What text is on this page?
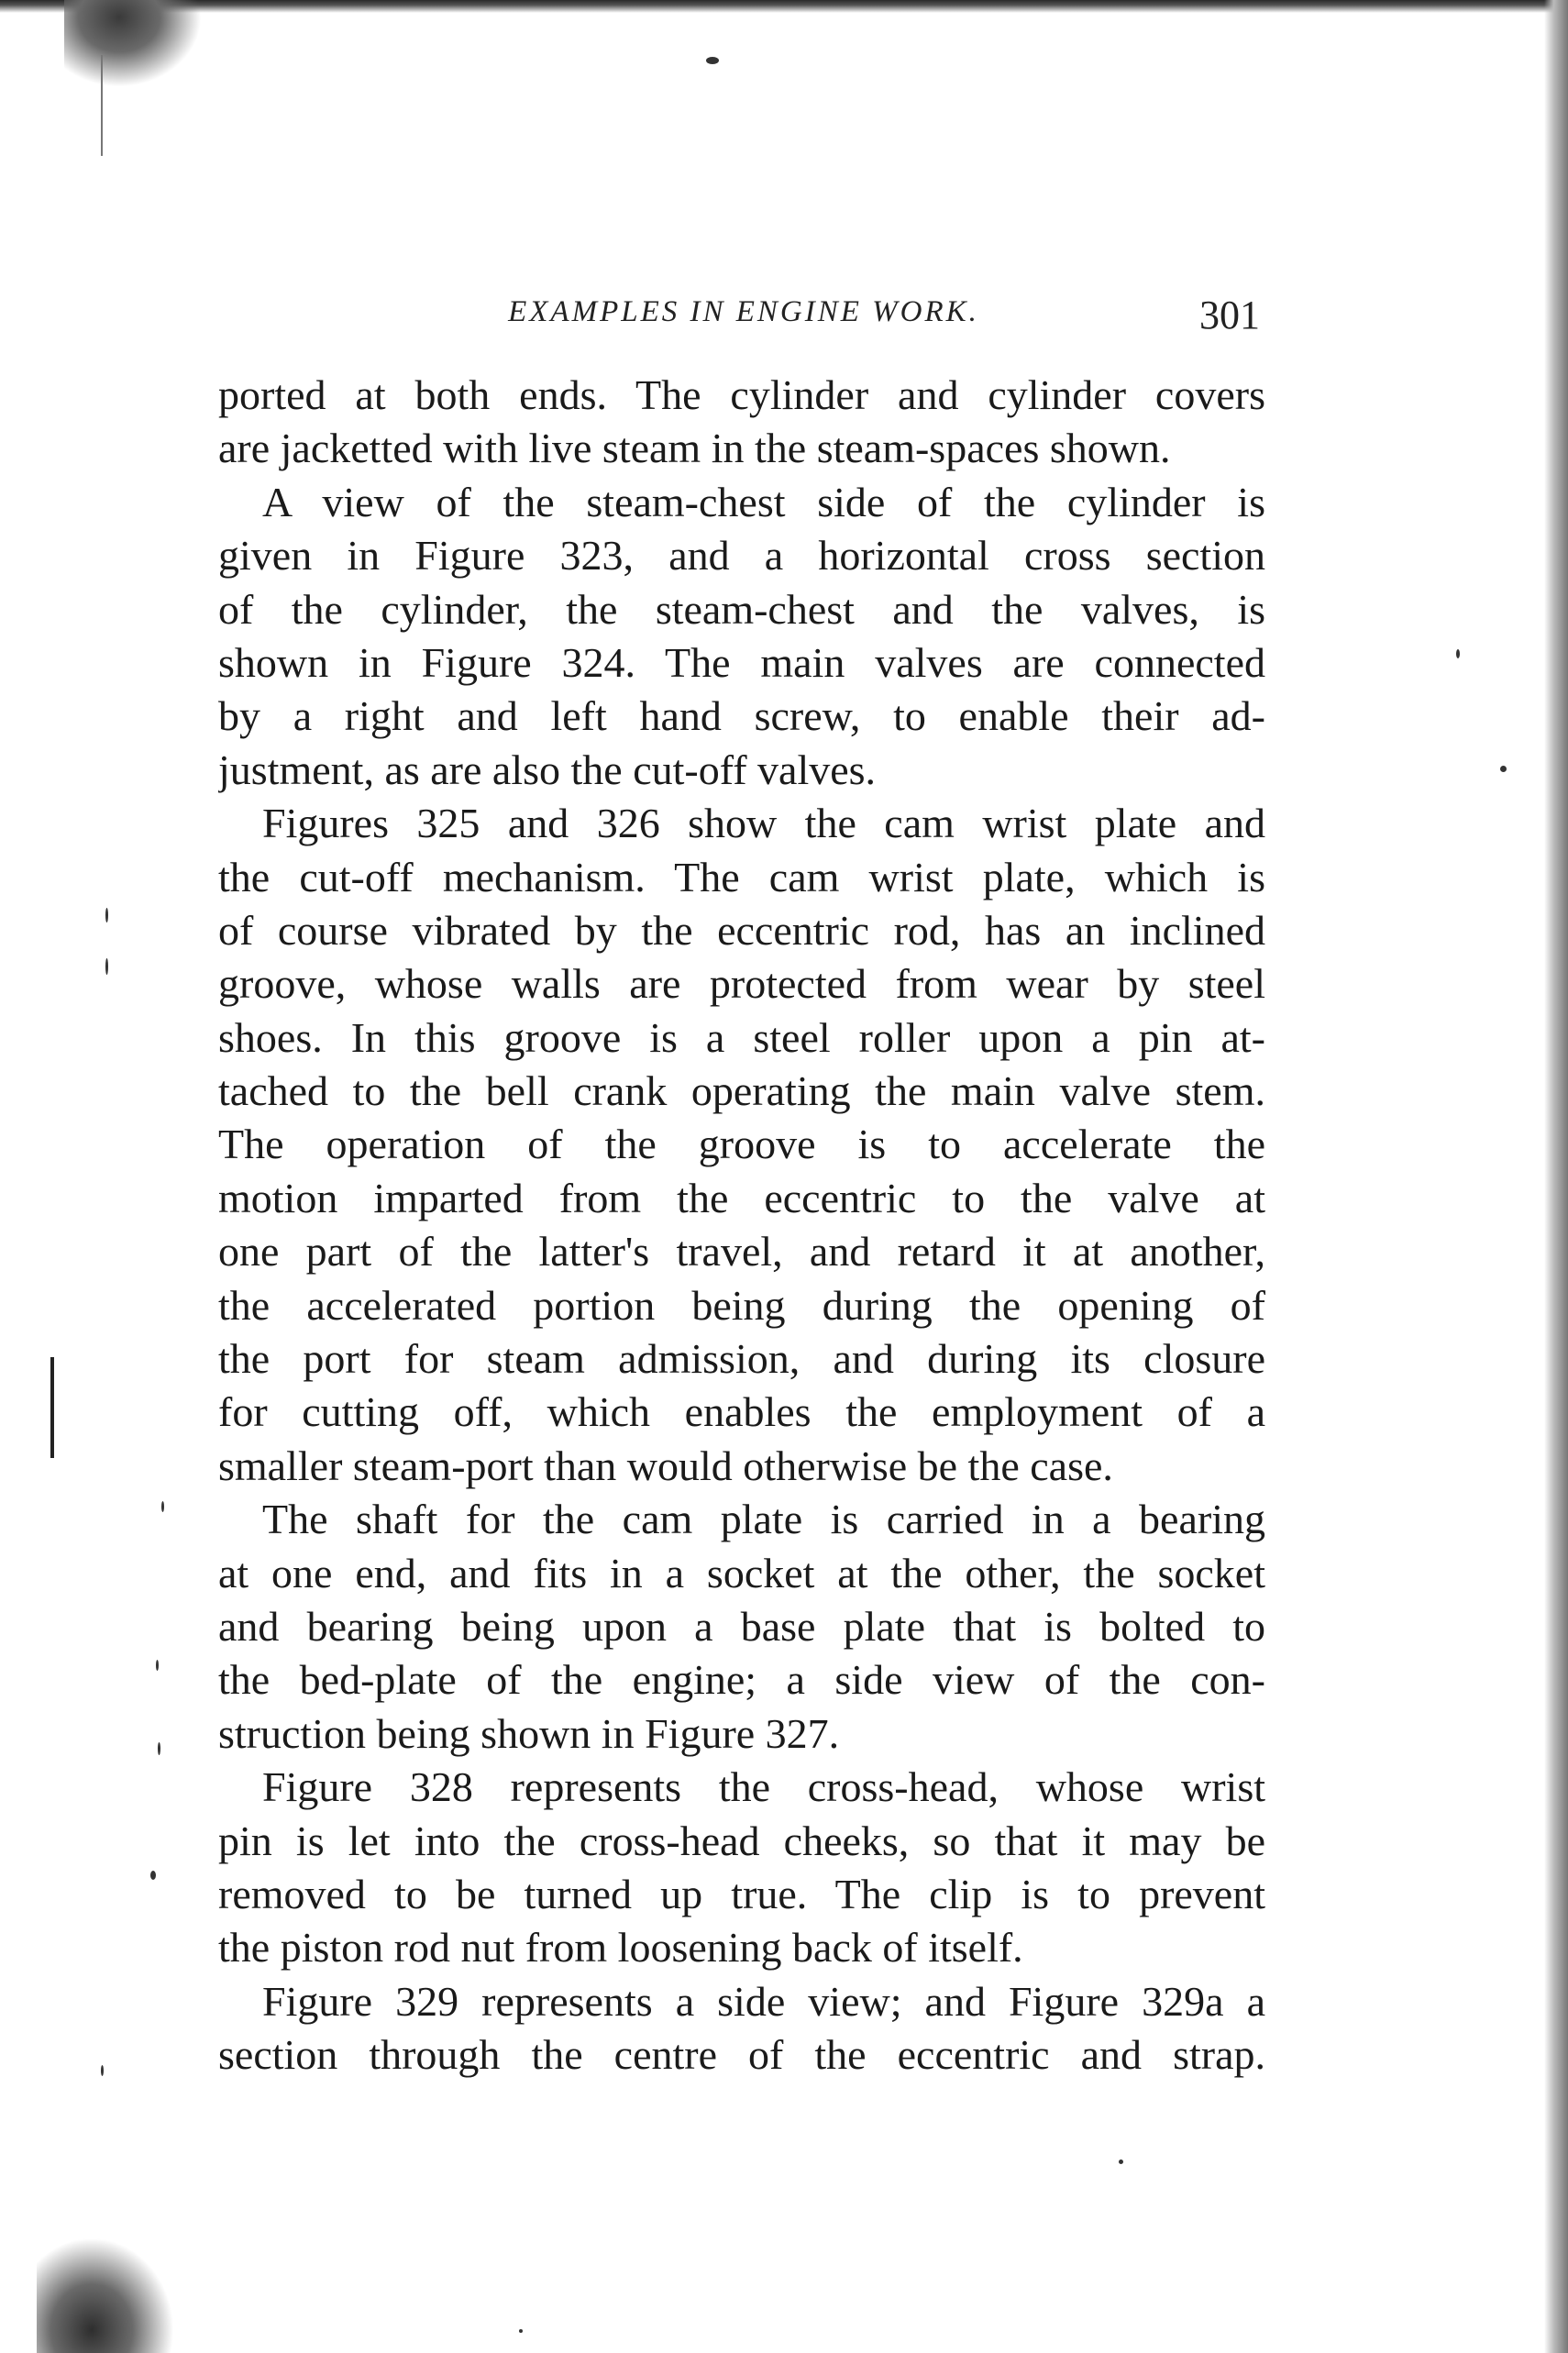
EXAMPLES IN ENGINE WORK.	301
ported at both ends. The cylinder and cylinder covers
are jacketted with live steam in the steam-spaces shown.
A view of the steam-chest side of the cylinder is
given in Figure 323, and a horizontal cross section
of the cylinder, the steam-chest and the valves, is
shown in Figure 324. The main valves are connected
by a right and left hand screw, to enable their ad-
justment, as are also the cut-off valves.
Figures 325 and 326 show the cam wrist plate and
the cut-off mechanism. The cam wrist plate, which is
of course vibrated by the eccentric rod, has an inclined
groove, whose walls are protected from wear by steel
shoes. In this groove is a steel roller upon a pin at-
tached to the bell crank operating the main valve stem.
The operation of the groove is to accelerate the
motion imparted from the eccentric to the valve at
one part of the latter's travel, and retard it at another,
the accelerated portion being during the opening of
the port for steam admission, and during its closure
for cutting off, which enables the employment of a
smaller steam-port than would otherwise be the case.
The shaft for the cam plate is carried in a bearing
at one end, and fits in a socket at the other, the socket
and bearing being upon a base plate that is bolted to
the bed-plate of the engine; a side view of the con-
struction being shown in Figure 327.
Figure 328 represents the cross-head, whose wrist
pin is let into the cross-head cheeks, so that it may be
removed to be turned up true. The clip is to prevent
the piston rod nut from loosening back of itself.
Figure 329 represents a side view; and Figure 329a a
section through the centre of the eccentric and strap.
